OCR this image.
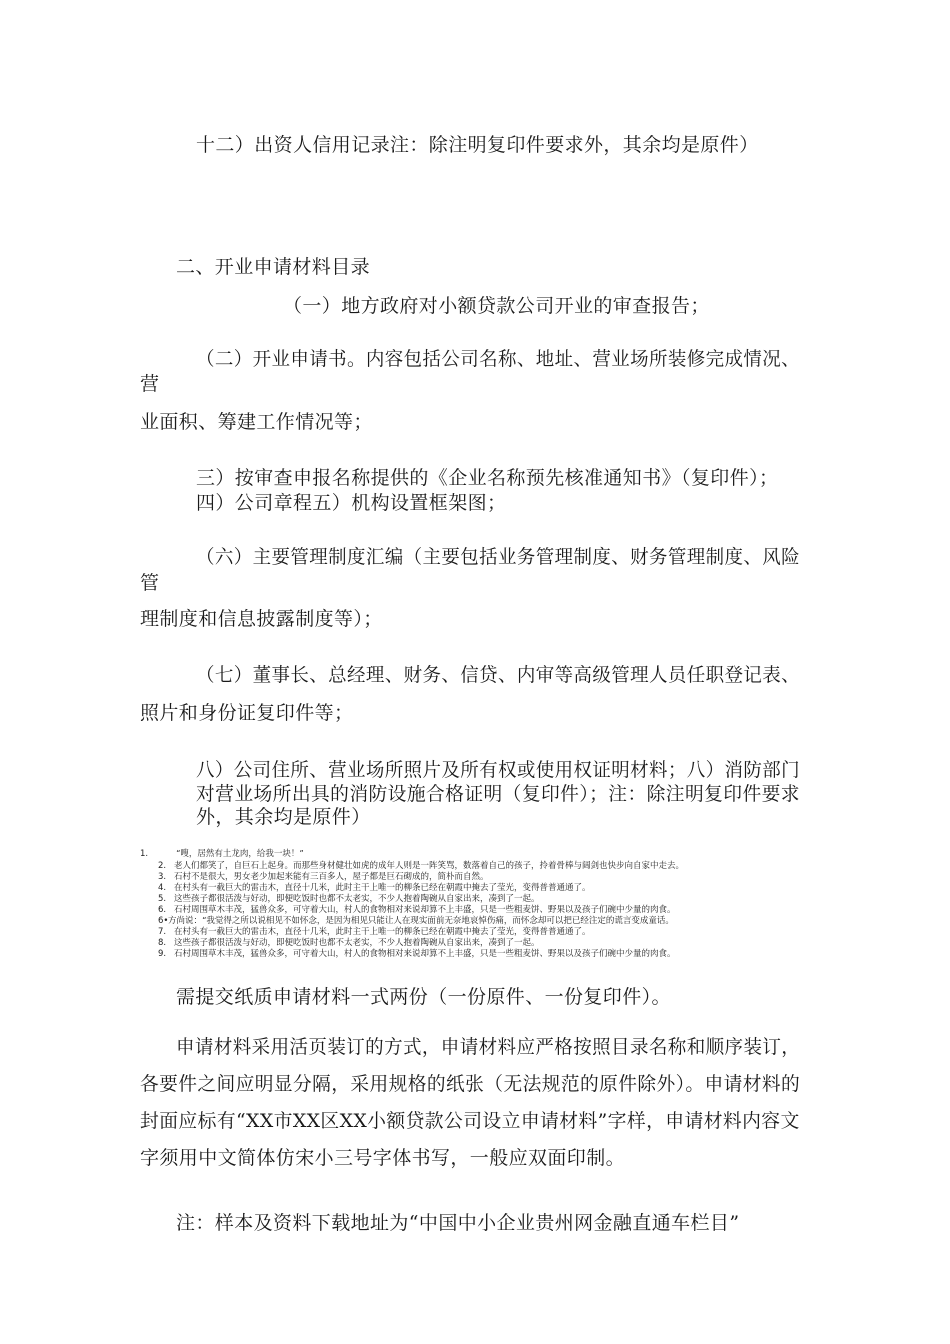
十二）出资人信用记录注：除注明复印件要求外，其余均是原件）
二、开业申请材料目录
（一）地方政府对小额贷款公司开业的审查报告；
（二）开业申请书。内容包括公司名称、地址、营业场所装修完成情况、
营
业面积、筹建工作情况等；
三）按审查申报名称提供的《企业名称预先核准通知书》（复印件）；
四）公司章程五）机构设置框架图；
（六）主要管理制度汇编（主要包括业务管理制度、财务管理制度、风险
管
理制度和信息披露制度等）；
（七）董事长、总经理、财务、信贷、内审等高级管理人员任职登记表、
照片和身份证复印件等；
八）公司住所、营业场所照片及所有权或使用权证明材料；八）消防部门
对营业场所出具的消防设施合格证明（复印件）；注：除注明复印件要求
外，其余均是原件）
1.	“嗖，居然有土龙肉，给我一块！”
2. 老人们都笑了，自巨石上起身。而那些身材健壮如虎的成年人则是一阵笑骂，数落着自己的孩子，拎着骨棒与阔剑也快步向自家中走去。
3. 石村不是很大，男女老少加起来能有三百多人，屋子都是巨石砌成的，简朴而自然。
4. 在村头有一截巨大的雷击木，直径十几米，此时主干上唯一的柳条已经在朝霞中掩去了莹光，变得普普通通了。
5. 这些孩子都很活泼与好动，即便吃饭时也都不太老实，不少人抱着陶碗从自家出来，凑到了一起。
6. 石村周围草木丰茂，猛兽众多，可守着大山，村人的食物相对来说却算不上丰盛，只是一些粗麦饼、野果以及孩子们碗中少量的肉食。
6• 方尚说：“我觉得之所以说相见不如怀念，是因为相见只能让人在现实面前无奈地哀悼伤痛，而怀念却可以把已经注定的谎言变成童话。
7. 在村头有一截巨大的雷击木，直径十几米，此时主干上唯一的柳条已经在朝霞中掩去了莹光，变得普普通通了。
8. 这些孩子都很活泼与好动，即便吃饭时也都不太老实，不少人抱着陶碗从自家出来，凑到了一起。
9. 石村周围草木丰茂，猛兽众多，可守着大山，村人的食物相对来说却算不上丰盛，只是一些粗麦饼、野果以及孩子们碗中少量的肉食。
需提交纸质申请材料一式两份（一份原件、一份复印件）。
申请材料采用活页装订的方式，申请材料应严格按照目录名称和顺序装订，
各要件之间应明显分隔，采用规格的纸张（无法规范的原件除外）。申请材料的
封面应标有“XX市XX区XX小额贷款公司设立申请材料”字样，申请材料内容文
字须用中文简体仿宋小三号字体书写，一般应双面印制。
注：样本及资料下载地址为“中国中小企业贵州网金融直通车栏目”
